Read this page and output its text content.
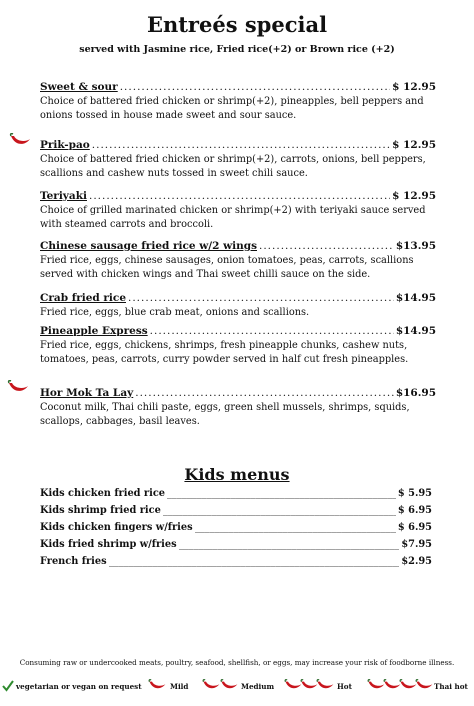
Entreés special
served with Jasmine rice, Fried rice(+2) or Brown rice (+2)
Sweet & sour .....	$ 12.95
Choice of battered fried chicken or shrimp(+2), pineapples, bell peppers and onions tossed in house made sweet and sour sauce.
Prik-pao .....	$ 12.95
Choice of battered fried chicken or shrimp(+2), carrots, onions, bell peppers, scallions and cashew nuts tossed in sweet chili sauce.
Teriyaki .....	$ 12.95
Choice of grilled marinated chicken or shrimp(+2) with teriyaki sauce served with steamed carrots and broccoli.
Chinese sausage fried rice w/2 wings .....	$13.95
Fried rice, eggs, chinese sausages, onion tomatoes, peas, carrots, scallions served with chicken wings and Thai sweet chilli sauce on the side.
Crab fried rice .....	$14.95
Fried rice, eggs, blue crab meat, onions and scallions.
Pineapple Express .....	$14.95
Fried rice, eggs, chickens, shrimps, fresh pineapple chunks, cashew nuts, tomatoes, peas, carrots, curry powder served in half cut fresh pineapples.
Hor Mok Ta Lay .....	$16.95
Coconut milk, Thai chili paste, eggs, green shell mussels, shrimps, squids, scallops, cabbages, basil leaves.
Kids menus
Kids chicken fried rice _____	$ 5.95
Kids shrimp fried rice _____	$ 6.95
Kids chicken fingers w/fries _____	$ 6.95
Kids fried shrimp w/fries _____	$7.95
French fries _____	$2.95
Consuming raw or undercooked meats, poultry, seafood, shellfish, or eggs, may increase your risk of foodborne illness.
vegetarian or vegan on request	Mild	Medium	Hot	Thai hot
